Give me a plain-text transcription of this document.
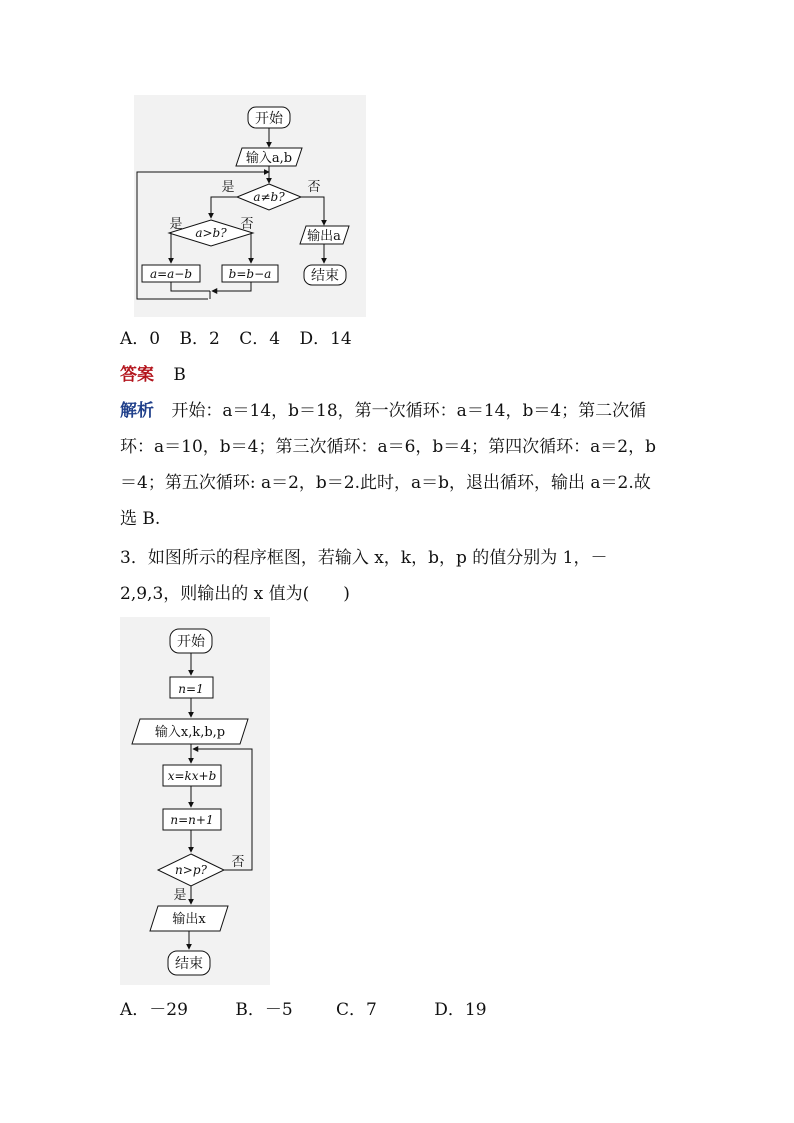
开始
输入a,b
a≠b?
是	否
a>b?
是	否
a=a−b	b=b−a
输出a
结束

A．0 B．2 C．4 D．14

答案 B

解析 开始：a＝14，b＝18，第一次循环：a＝14，b＝4；第二次循

环：a＝10，b＝4；第三次循环：a＝6，b＝4；第四次循环：a＝2，b

＝4；第五次循环: a＝2，b＝2.此时，a＝b，退出循环，输出 a＝2.故

选 B.

3．如图所示的程序框图，若输入 x，k，b，p 的值分别为 1，－

2,9,3，则输出的 x 值为(　　)

开始
n=1
输入x,k,b,p
x=kx+b
n=n+1
n>p? 否
是
输出x
结束

A．－29	B．－5	C．7	D．19
